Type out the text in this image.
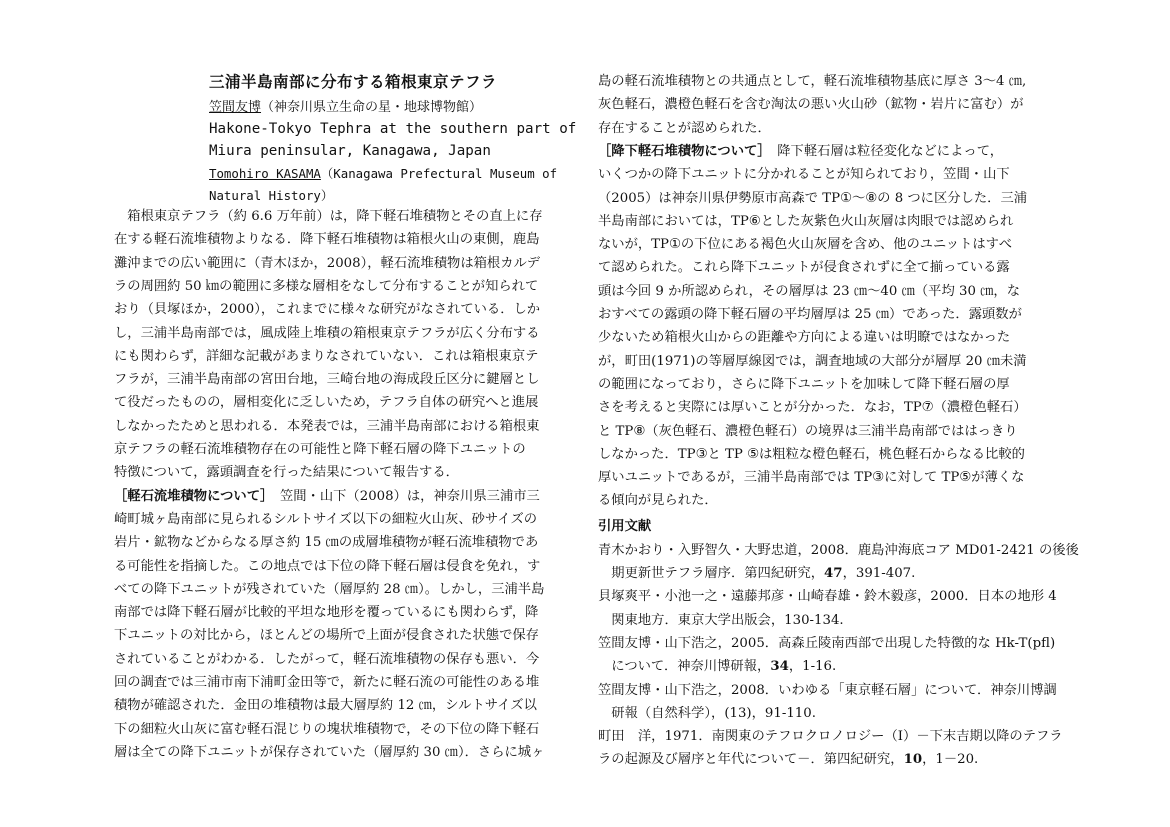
三浦半島南部に分布する箱根東京テフラ
笠間友博（神奈川県立生命の星・地球博物館）
Hakone-Tokyo Tephra at the southern part of
Miura peninsular, Kanagawa, Japan
Tomohiro KASAMA（Kanagawa Prefectural Museum of
Natural History）
　箱根東京テフラ（約 6.6 万年前）は，降下軽石堆積物とその直上に存
在する軽石流堆積物よりなる．降下軽石堆積物は箱根火山の東側，鹿島
灘沖までの広い範囲に（青木ほか，2008），軽石流堆積物は箱根カルデ
ラの周囲約 50 ㎞の範囲に多様な層相をなして分布することが知られて
おり（貝塚ほか，2000），これまでに様々な研究がなされている．しか
し，三浦半島南部では，風成陸上堆積の箱根東京テフラが広く分布する
にも関わらず，詳細な記載があまりなされていない．これは箱根東京テ
フラが，三浦半島南部の宮田台地，三崎台地の海成段丘区分に鍵層とし
て役だったものの，層相変化に乏しいため，テフラ自体の研究へと進展
しなかったためと思われる．本発表では，三浦半島南部における箱根東
京テフラの軽石流堆積物存在の可能性と降下軽石層の降下ユニットの
特徴について，露頭調査を行った結果について報告する．
［軽石流堆積物について］　笠間・山下（2008）は，神奈川県三浦市三
崎町城ヶ島南部に見られるシルトサイズ以下の細粒火山灰、砂サイズの
岩片・鉱物などからなる厚さ約 15 ㎝の成層堆積物が軽石流堆積物であ
る可能性を指摘した。この地点では下位の降下軽石層は侵食を免れ，す
べての降下ユニットが残されていた（層厚約 28 ㎝）。しかし，三浦半島
南部では降下軽石層が比較的平坦な地形を覆っているにも関わらず，降
下ユニットの対比から，ほとんどの場所で上面が侵食された状態で保存
されていることがわかる．したがって，軽石流堆積物の保存も悪い．今
回の調査では三浦市南下浦町金田等で，新たに軽石流の可能性のある堆
積物が確認された．金田の堆積物は最大層厚約 12 ㎝，シルトサイズ以
下の細粒火山灰に富む軽石混じりの塊状堆積物で，その下位の降下軽石
層は全ての降下ユニットが保存されていた（層厚約 30 ㎝）．さらに城ヶ
島の軽石流堆積物との共通点として，軽石流堆積物基底に厚さ 3～4 ㎝,
灰色軽石，濃橙色軽石を含む淘汰の悪い火山砂（鉱物・岩片に富む）が
存在することが認められた．
［降下軽石堆積物について］　降下軽石層は粒径変化などによって，
いくつかの降下ユニットに分かれることが知られており，笠間・山下
（2005）は神奈川県伊勢原市高森で TP①～⑧の 8 つに区分した．三浦
半島南部においては，TP⑥とした灰紫色火山灰層は肉眼では認められ
ないが，TP①の下位にある褐色火山灰層を含め、他のユニットはすべ
て認められた。これら降下ユニットが侵食されずに全て揃っている露
頭は今回 9 か所認められ，その層厚は 23 ㎝～40 ㎝（平均 30 ㎝，な
おすべての露頭の降下軽石層の平均層厚は 25 ㎝）であった．露頭数が
少ないため箱根火山からの距離や方向による違いは明瞭ではなかった
が，町田(1971)の等層厚線図では，調査地域の大部分が層厚 20 ㎝未満
の範囲になっており，さらに降下ユニットを加味して降下軽石層の厚
さを考えると実際には厚いことが分かった．なお，TP⑦（濃橙色軽石）
と TP⑧（灰色軽石、濃橙色軽石）の境界は三浦半島南部でははっきり
しなかった．TP③と TP ⑤は粗粒な橙色軽石，桃色軽石からなる比較的
厚いユニットであるが，三浦半島南部では TP③に対して TP⑤が薄くな
る傾向が見られた．
引用文献
青木かおり・入野智久・大野忠道，2008．鹿島沖海底コア MD01-2421 の後後
　期更新世テフラ層序．第四紀研究，47，391-407.
貝塚爽平・小池一之・遠藤邦彦・山崎春雄・鈴木毅彦，2000．日本の地形 4
　関東地方．東京大学出版会，130-134.
笠間友博・山下浩之，2005．高森丘陵南西部で出現した特徴的な Hk-T(pfl)
　について．神奈川博研報，34，1-16.
笠間友博・山下浩之，2008．いわゆる「東京軽石層」について．神奈川博調
　研報（自然科学），(13)，91-110.
町田　洋，1971．南関東のテフロクロノロジー（Ⅰ）－下末吉期以降のテフラ
ラの起源及び層序と年代について－．第四紀研究，10，1－20.
